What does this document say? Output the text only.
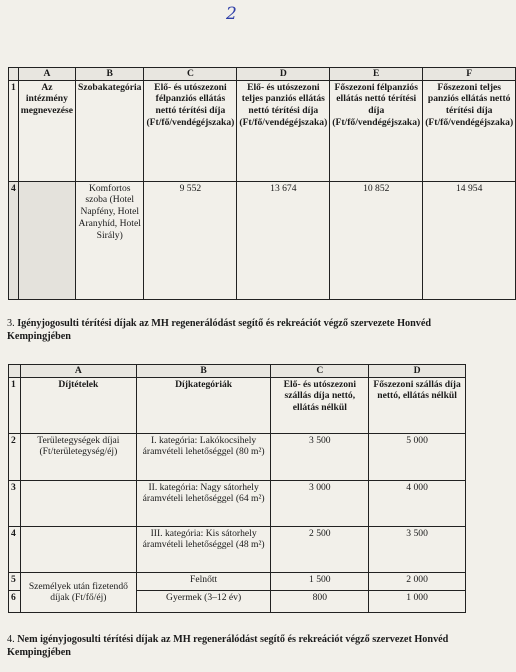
2
	A	B	C	D	E	F
1	Az intézmény megnevezése	Szobakategória	Elő- és utószezoni félpanziós ellátás nettó térítési díja (Ft/fő/vendégéjszaka)	Elő- és utószezoni teljes panziós ellátás nettó térítési díja (Ft/fő/vendégéjszaka)	Főszezoni félpanziós ellátás nettó térítési díja (Ft/fő/vendégéjszaka)	Főszezoni teljes panziós ellátás nettó térítési díja (Ft/fő/vendégéjszaka)
4		Komfortos szoba (Hotel Napfény, Hotel Aranyhíd, Hotel Sirály)	9 552	13 674	10 852	14 954
3. Igényjogosulti térítési díjak az MH regenerálódást segítő és rekreációt végző szervezete Honvéd Kempingjében
	A	B	C	D
1	Díjtételek	Díjkategóriák	Elő- és utószezoni szállás díja nettó, ellátás nélkül	Főszezoni szállás díja nettó, ellátás nélkül
2	Területegységek díjai (Ft/területegység/éj)	I. kategória: Lakókocsihely áramvételi lehetőséggel (80 m²)	3 500	5 000
3		II. kategória: Nagy sátorhely áramvételi lehetőséggel (64 m²)	3 000	4 000
4		III. kategória: Kis sátorhely áramvételi lehetőséggel (48 m²)	2 500	3 500
5	Személyek után fizetendő díjak (Ft/fő/éj)	Felnőtt	1 500	2 000
6		Gyermek (3–12 év)	800	1 000
4. Nem igényjogosulti térítési díjak az MH regenerálódást segítő és rekreációt végző szervezet Honvéd Kempingjében
